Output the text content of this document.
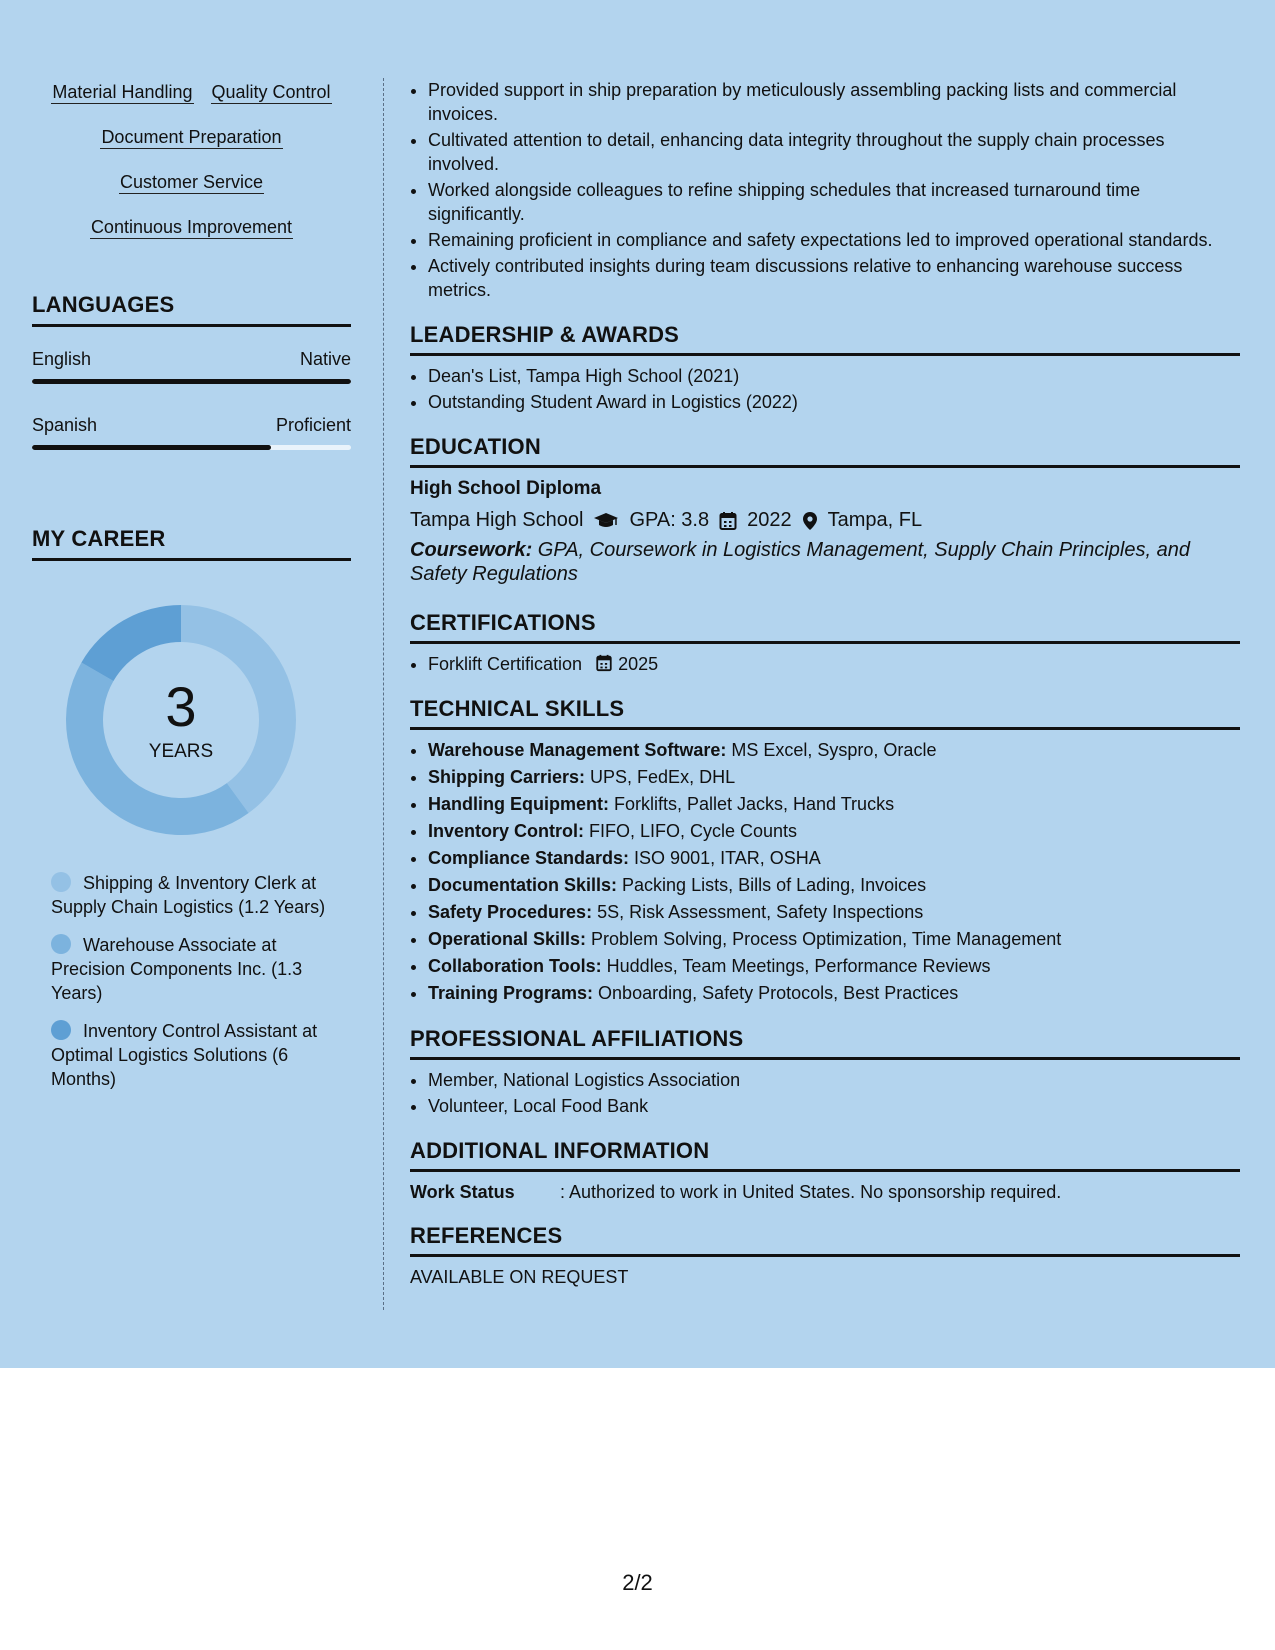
Material Handling Quality Control
Document Preparation
Customer Service
Continuous Improvement
LANGUAGES
English	Native
Spanish	Proficient
MY CAREER
3
YEARS
Shipping & Inventory Clerk at Supply Chain Logistics (1.2 Years)
Warehouse Associate at Precision Components Inc. (1.3 Years)
Inventory Control Assistant at Optimal Logistics Solutions (6 Months)
• Provided support in ship preparation by meticulously assembling packing lists and commercial invoices.
• Cultivated attention to detail, enhancing data integrity throughout the supply chain processes involved.
• Worked alongside colleagues to refine shipping schedules that increased turnaround time significantly.
• Remaining proficient in compliance and safety expectations led to improved operational standards.
• Actively contributed insights during team discussions relative to enhancing warehouse success metrics.
LEADERSHIP & AWARDS
• Dean's List, Tampa High School (2021)
• Outstanding Student Award in Logistics (2022)
EDUCATION
High School Diploma
Tampa High School GPA: 3.8 2022 Tampa, FL
Coursework: GPA, Coursework in Logistics Management, Supply Chain Principles, and Safety Regulations
CERTIFICATIONS
• Forklift Certification 2025
TECHNICAL SKILLS
• Warehouse Management Software: MS Excel, Syspro, Oracle
• Shipping Carriers: UPS, FedEx, DHL
• Handling Equipment: Forklifts, Pallet Jacks, Hand Trucks
• Inventory Control: FIFO, LIFO, Cycle Counts
• Compliance Standards: ISO 9001, ITAR, OSHA
• Documentation Skills: Packing Lists, Bills of Lading, Invoices
• Safety Procedures: 5S, Risk Assessment, Safety Inspections
• Operational Skills: Problem Solving, Process Optimization, Time Management
• Collaboration Tools: Huddles, Team Meetings, Performance Reviews
• Training Programs: Onboarding, Safety Protocols, Best Practices
PROFESSIONAL AFFILIATIONS
• Member, National Logistics Association
• Volunteer, Local Food Bank
ADDITIONAL INFORMATION
Work Status	: Authorized to work in United States. No sponsorship required.
REFERENCES
AVAILABLE ON REQUEST
2/2
